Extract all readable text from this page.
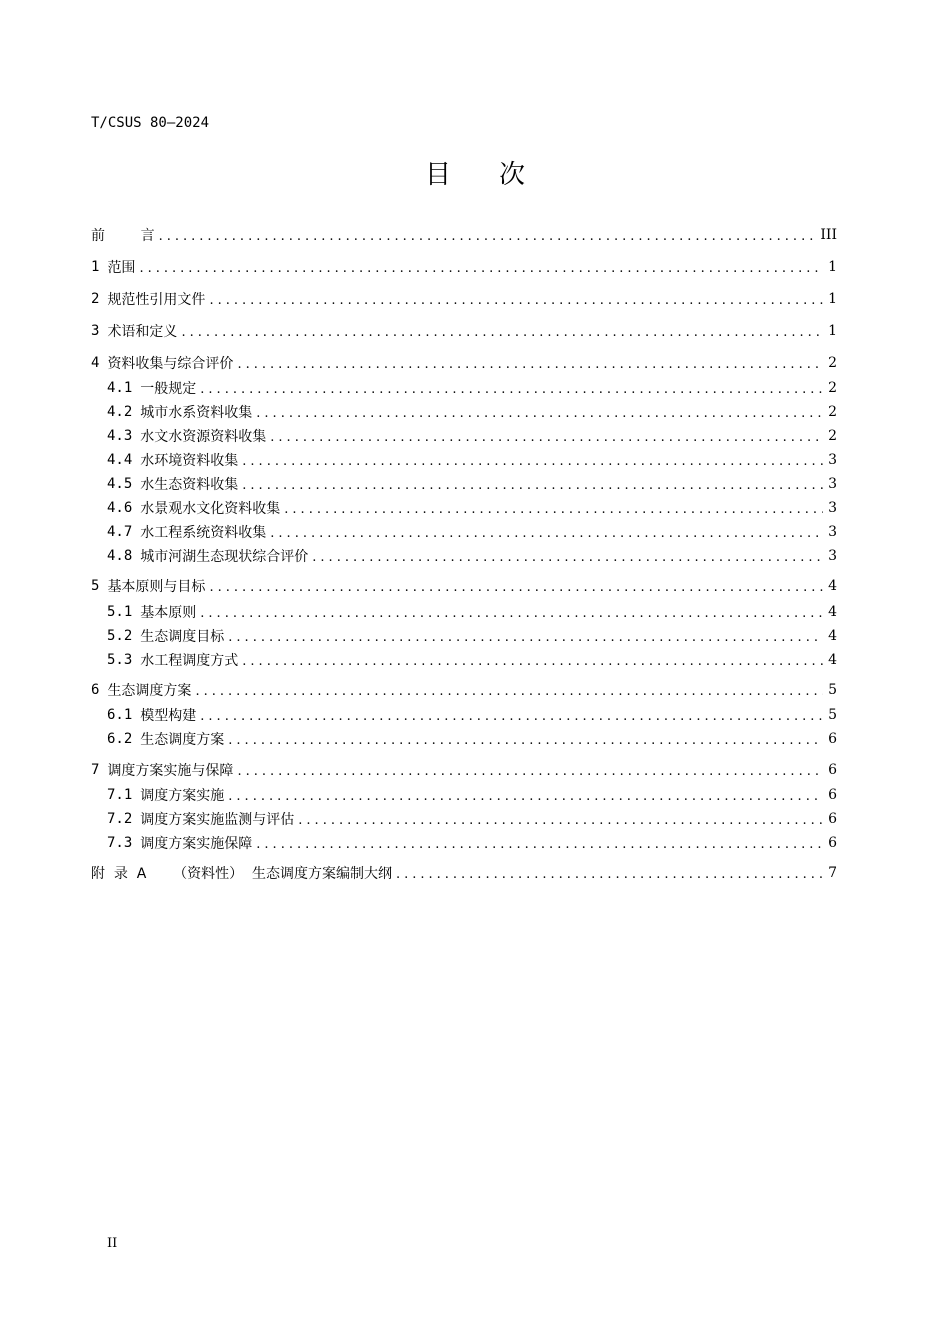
T/CSUS 80—2024
目 次
前        言 .....	III
1 范围 .....	1
2 规范性引用文件 .....	1
3 术语和定义 .....	1
4 资料收集与综合评价 .....	2
4.1 一般规定 .....	2
4.2 城市水系资料收集 .....	2
4.3 水文水资源资料收集 .....	2
4.4 水环境资料收集 .....	3
4.5 水生态资料收集 .....	3
4.6 水景观水文化资料收集 .....	3
4.7 水工程系统资料收集 .....	3
4.8 城市河湖生态现状综合评价 .....	3
5 基本原则与目标 .....	4
5.1 基本原则 .....	4
5.2 生态调度目标 .....	4
5.3 水工程调度方式 .....	4
6 生态调度方案 .....	5
6.1 模型构建 .....	5
6.2 生态调度方案 .....	6
7 调度方案实施与保障 .....	6
7.1 调度方案实施 .....	6
7.2 调度方案实施监测与评估 .....	6
7.3 调度方案实施保障 .....	6
附  录  A      （资料性）  生态调度方案编制大纲 .....	7
II
